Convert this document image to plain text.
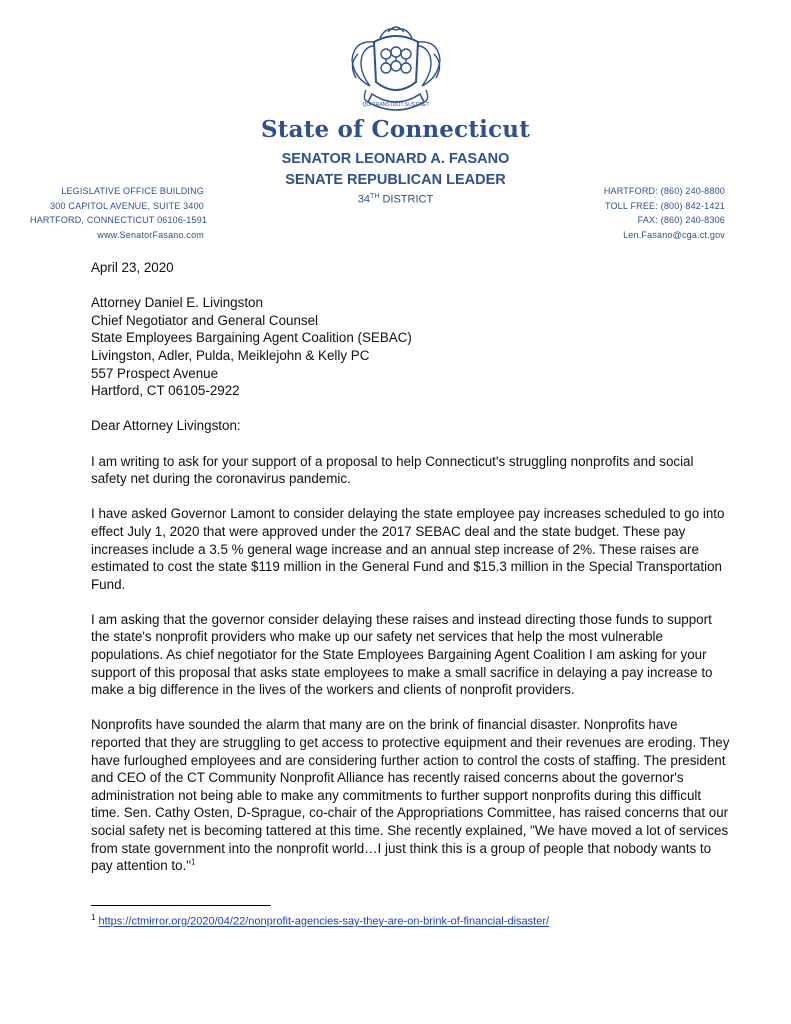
QUI TRANSTULIT SUSTINET
State of Connecticut
SENATOR LEONARD A. FASANO
SENATE REPUBLICAN LEADER
34TH DISTRICT
LEGISLATIVE OFFICE BUILDING
300 CAPITOL AVENUE, SUITE 3400
HARTFORD, CONNECTICUT 06106-1591
www.SenatorFasano.com
HARTFORD: (860) 240-8800
TOLL FREE: (800) 842-1421
FAX: (860) 240-8306
Len.Fasano@cga.ct.gov

April 23, 2020

Attorney Daniel E. Livingston
Chief Negotiator and General Counsel
State Employees Bargaining Agent Coalition (SEBAC)
Livingston, Adler, Pulda, Meiklejohn & Kelly PC
557 Prospect Avenue
Hartford, CT 06105-2922

Dear Attorney Livingston:

I am writing to ask for your support of a proposal to help Connecticut's struggling nonprofits and social safety net during the coronavirus pandemic.

I have asked Governor Lamont to consider delaying the state employee pay increases scheduled to go into effect July 1, 2020 that were approved under the 2017 SEBAC deal and the state budget. These pay increases include a 3.5 % general wage increase and an annual step increase of 2%. These raises are estimated to cost the state $119 million in the General Fund and $15.3 million in the Special Transportation Fund.

I am asking that the governor consider delaying these raises and instead directing those funds to support the state's nonprofit providers who make up our safety net services that help the most vulnerable populations. As chief negotiator for the State Employees Bargaining Agent Coalition I am asking for your support of this proposal that asks state employees to make a small sacrifice in delaying a pay increase to make a big difference in the lives of the workers and clients of nonprofit providers.

Nonprofits have sounded the alarm that many are on the brink of financial disaster. Nonprofits have reported that they are struggling to get access to protective equipment and their revenues are eroding. They have furloughed employees and are considering further action to control the costs of staffing. The president and CEO of the CT Community Nonprofit Alliance has recently raised concerns about the governor's administration not being able to make any commitments to further support nonprofits during this difficult time. Sen. Cathy Osten, D-Sprague, co-chair of the Appropriations Committee, has raised concerns that our social safety net is becoming tattered at this time. She recently explained, "We have moved a lot of services from state government into the nonprofit world…I just think this is a group of people that nobody wants to pay attention to."$^1$

$^1$ https://ctmirror.org/2020/04/22/nonprofit-agencies-say-they-are-on-brink-of-financial-disaster/
